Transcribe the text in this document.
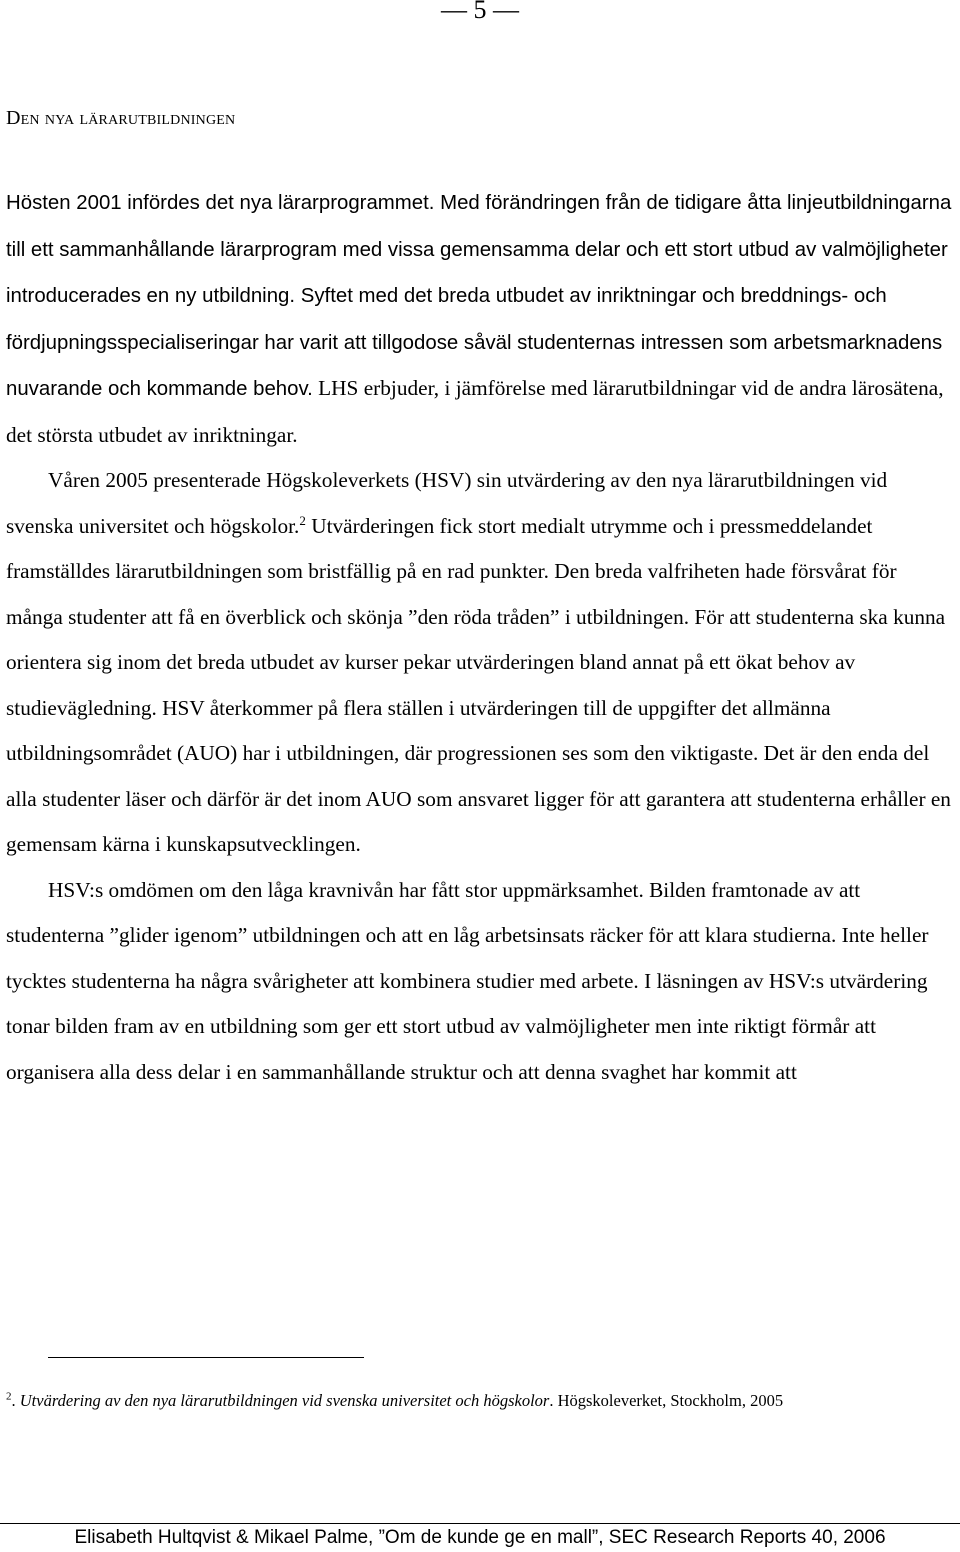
— 5 —
Den nya lärarutbildningen

Hösten 2001 infördes det nya lärarprogrammet. Med förändringen från de tidigare åtta linjeutbildningarna till ett sammanhållande lärarprogram med vissa gemensamma delar och ett stort utbud av valmöjligheter introducerades en ny utbildning. Syftet med det breda utbudet av inriktningar och breddnings- och fördjupningsspecialiseringar har varit att tillgodose såväl studenternas intressen som arbetsmarknadens nuvarande och kommande behov. LHS erbjuder, i jämförelse med lärarutbildningar vid de andra lärosätena, det största utbudet av inriktningar.

Våren 2005 presenterade Högskoleverkets (HSV) sin utvärdering av den nya lärarutbildningen vid svenska universitet och högskolor.$^2$ Utvärderingen fick stort medialt utrymme och i pressmeddelandet framställdes lärarutbildningen som bristfällig på en rad punkter. Den breda valfriheten hade försvårat för många studenter att få en överblick och skönja ”den röda tråden” i utbildningen. För att studenterna ska kunna orientera sig inom det breda utbudet av kurser pekar utvärderingen bland annat på ett ökat behov av studievägledning. HSV återkommer på flera ställen i utvärderingen till de uppgifter det allmänna utbildningsområdet (AUO) har i utbildningen, där progressionen ses som den viktigaste. Det är den enda del alla studenter läser och därför är det inom AUO som ansvaret ligger för att garantera att studenterna erhåller en gemensam kärna i kunskapsutvecklingen.

HSV:s omdömen om den låga kravnivån har fått stor uppmärksamhet. Bilden framtonade av att studenterna ”glider igenom” utbildningen och att en låg arbetsinsats räcker för att klara studierna. Inte heller tycktes studenterna ha några svårigheter att kombinera studier med arbete. I läsningen av HSV:s utvärdering tonar bilden fram av en utbildning som ger ett stort utbud av valmöjligheter men inte riktigt förmår att organisera alla dess delar i en sammanhållande struktur och att denna svaghet har kommit att

$^2$. Utvärdering av den nya lärarutbildningen vid svenska universitet och högskolor. Högskoleverket, Stockholm, 2005
Elisabeth Hultqvist & Mikael Palme, ”Om de kunde ge en mall”, SEC Research Reports 40, 2006
